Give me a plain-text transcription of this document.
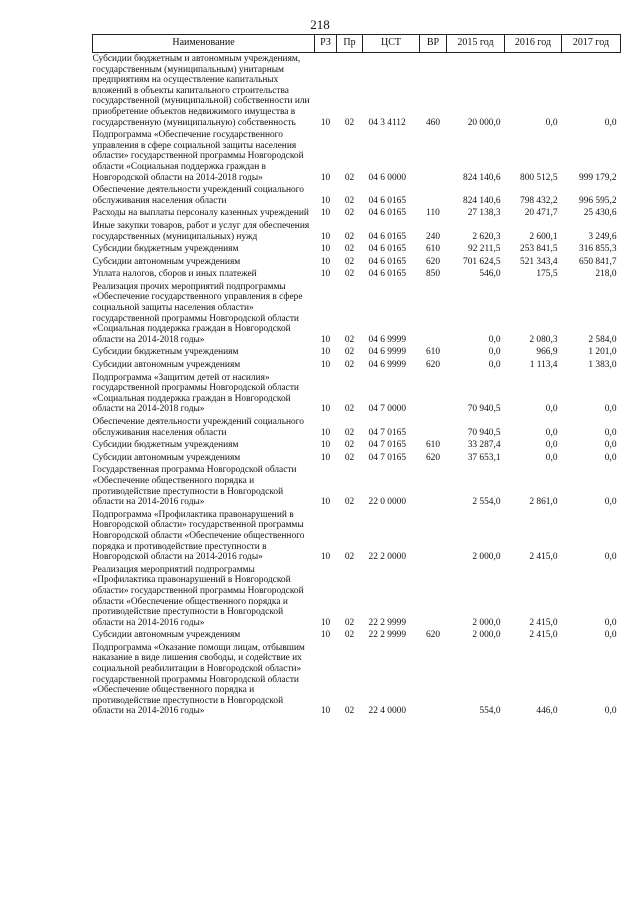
218
Наименование	РЗ	Пр	ЦСТ	ВР	2015 год	2016 год	2017 год
Субсидии бюджетным и автономным учреждениям, государственным (муниципальным) унитарным предприятиям на осуществление капитальных вложений в объекты капитального строительства государственной (муниципальной) собственности или приобретение объектов недвижимого имущества в государственную (муниципальную) собственность	10	02	04 3 4112	460	20 000,0	0,0	0,0
Подпрограмма «Обеспечение государственного управления в сфере социальной защиты населения области» государственной программы Новгородской области «Социальная поддержка граждан в Новгородской области на 2014-2018 годы»	10	02	04 6 0000		824 140,6	800 512,5	999 179,2
Обеспечение деятельности учреждений социального обслуживания населения области	10	02	04 6 0165		824 140,6	798 432,2	996 595,2
Расходы на выплаты персоналу казенных учреждений	10	02	04 6 0165	110	27 138,3	20 471,7	25 430,6
Иные закупки товаров, работ и услуг для обеспечения государственных (муниципальных) нужд	10	02	04 6 0165	240	2 620,3	2 600,1	3 249,6
Субсидии бюджетным учреждениям	10	02	04 6 0165	610	92 211,5	253 841,5	316 855,3
Субсидии автономным учреждениям	10	02	04 6 0165	620	701 624,5	521 343,4	650 841,7
Уплата налогов, сборов и иных платежей	10	02	04 6 0165	850	546,0	175,5	218,0
Реализация прочих мероприятий подпрограммы «Обеспечение государственного управления в сфере социальной защиты населения области» государственной программы Новгородской области «Социальная поддержка граждан в Новгородской области на 2014-2018 годы»	10	02	04 6 9999		0,0	2 080,3	2 584,0
Субсидии бюджетным учреждениям	10	02	04 6 9999	610	0,0	966,9	1 201,0
Субсидии автономным учреждениям	10	02	04 6 9999	620	0,0	1 113,4	1 383,0
Подпрограмма «Защитим детей от насилия» государственной программы Новгородской области «Социальная поддержка граждан в Новгородской области на 2014-2018 годы»	10	02	04 7 0000		70 940,5	0,0	0,0
Обеспечение деятельности учреждений социального обслуживания населения области	10	02	04 7 0165		70 940,5	0,0	0,0
Субсидии бюджетным учреждениям	10	02	04 7 0165	610	33 287,4	0,0	0,0
Субсидии автономным учреждениям	10	02	04 7 0165	620	37 653,1	0,0	0,0
Государственная программа Новгородской области «Обеспечение общественного порядка и противодействие преступности в Новгородской области на 2014-2016 годы»	10	02	22 0 0000		2 554,0	2 861,0	0,0
Подпрограмма «Профилактика правонарушений в Новгородской области» государственной программы Новгородской области «Обеспечение общественного порядка и противодействие преступности в Новгородской области на 2014-2016 годы»	10	02	22 2 0000		2 000,0	2 415,0	0,0
Реализация мероприятий подпрограммы «Профилактика правонарушений в Новгородской области» государственной программы Новгородской области «Обеспечение общественного порядка и противодействие преступности в Новгородской области на 2014-2016 годы»	10	02	22 2 9999		2 000,0	2 415,0	0,0
Субсидии автономным учреждениям	10	02	22 2 9999	620	2 000,0	2 415,0	0,0
Подпрограмма «Оказание помощи лицам, отбывшим наказание в виде лишения свободы, и содействие их социальной реабилитации в Новгородской области» государственной программы Новгородской области «Обеспечение общественного порядка и противодействие преступности в Новгородской области на 2014-2016 годы»	10	02	22 4 0000		554,0	446,0	0,0
